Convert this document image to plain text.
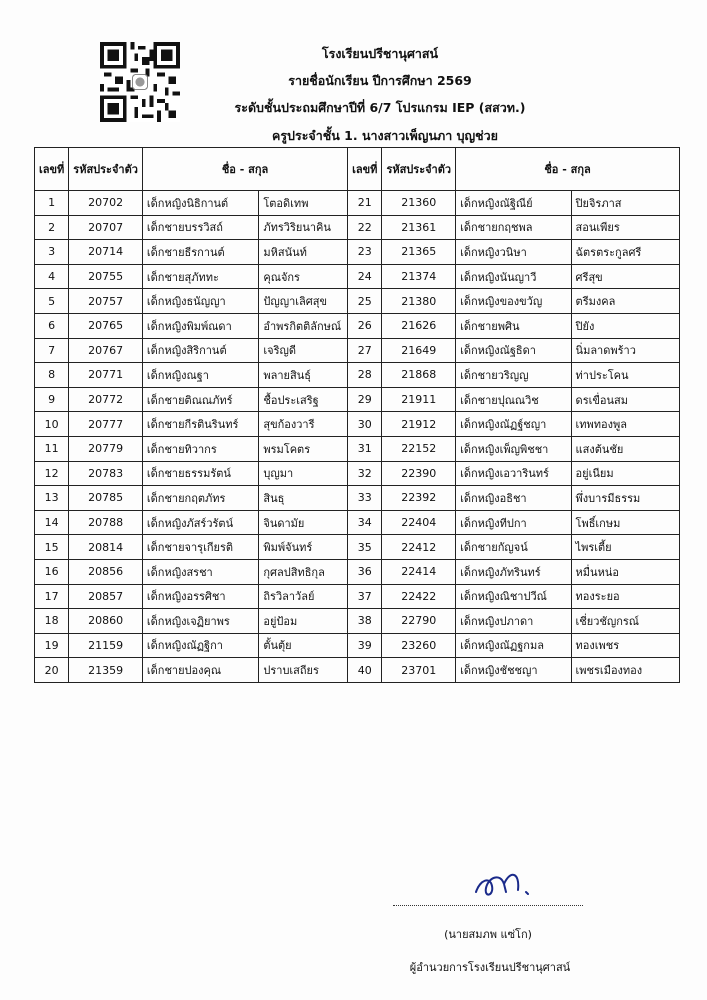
โรงเรียนปรีชานุศาสน์
รายชื่อนักเรียน ปีการศึกษา 2569
ระดับชั้นประถมศึกษาปีที่ 6/7 โปรแกรม IEP (สสวท.)
ครูประจำชั้น 1. นางสาวเพ็ญนภา บุญช่วย
เลขที่	รหัสประจำตัว	ชื่อ - สกุล		เลขที่	รหัสประจำตัว	ชื่อ - สกุล	
1	20702	เด็กหญิงนิธิกานต์	โตอดิเทพ	21	21360	เด็กหญิงณัฐิณีย์	ปิยจิรภาส
2	20707	เด็กชายบรรวิสถ์	ภัทรวิริยนาคิน	22	21361	เด็กชายกฤชพล	สอนเพียร
3	20714	เด็กชายธีรกานต์	มหิสนันท์	23	21365	เด็กหญิงวนิษา	ฉัตรตระกูลศรี
4	20755	เด็กชายสุภัททะ	คุณจักร	24	21374	เด็กหญิงนันญาวี	ศรีสุข
5	20757	เด็กหญิงธนัญญา	ปัญญาเลิศสุข	25	21380	เด็กหญิงของขวัญ	ตรีมงคล
6	20765	เด็กหญิงพิมพ์ณดา	อำพรกิตติลักษณ์	26	21626	เด็กชายพศิน	ปิยัง
7	20767	เด็กหญิงสิริกานต์	เจริญดี	27	21649	เด็กหญิงณัฐธิดา	นิ่มลาดพร้าว
8	20771	เด็กหญิงณฐา	พลายสินธุ์	28	21868	เด็กชายวริญญ	ท่าประโคน
9	20772	เด็กชายติณณภัทร์	ชื้อประเสริฐ	29	21911	เด็กชายปุณณวิช	ดรเขื่อนสม
10	20777	เด็กชายกีรตินรินทร์	สุขก้องวารี	30	21912	เด็กหญิงณัฏฐ์ชญา	เทพทองพูล
11	20779	เด็กชายทิวากร	พรมโคตร	31	22152	เด็กหญิงเพ็ญพิชชา	แสงต้นชัย
12	20783	เด็กชายธรรมรัตน์	บุญมา	32	22390	เด็กหญิงเอวารินทร์	อยู่เนียม
13	20785	เด็กชายกฤตภัทร	สินธุ	33	22392	เด็กหญิงอธิชา	พึ่งบารมีธรรม
14	20788	เด็กหญิงภัสร์วรัตน์	จินดามัย	34	22404	เด็กหญิงทีปกา	โพธิ์เกษม
15	20814	เด็กชายจารุเกียรติ	พิมพ์จันทร์	35	22412	เด็กชายกัญจน์	ไพรเตี้ย
16	20856	เด็กหญิงสรชา	กุศลปสิทธิกุล	36	22414	เด็กหญิงภัทรินทร์	หมื่นหน่อ
17	20857	เด็กหญิงอรรศิชา	ถิรวิลาวัลย์	37	22422	เด็กหญิงณิชาปวีณ์	ทองระยอ
18	20860	เด็กหญิงเจฏิยาพร	อยู่ป้อม	38	22790	เด็กหญิงปภาดา	เชี่ยวชัญกรณ์
19	21159	เด็กหญิงณัฏฐิกา	ตั้นตุ้ย	39	23260	เด็กหญิงณัฏฐกมล	ทองเพชร
20	21359	เด็กชายปองคุณ	ปราบเสถียร	40	23701	เด็กหญิงชัชชญา	เพชรเมืองทอง
(นายสมภพ แซ่โก)
ผู้อำนวยการโรงเรียนปรีชานุศาสน์
